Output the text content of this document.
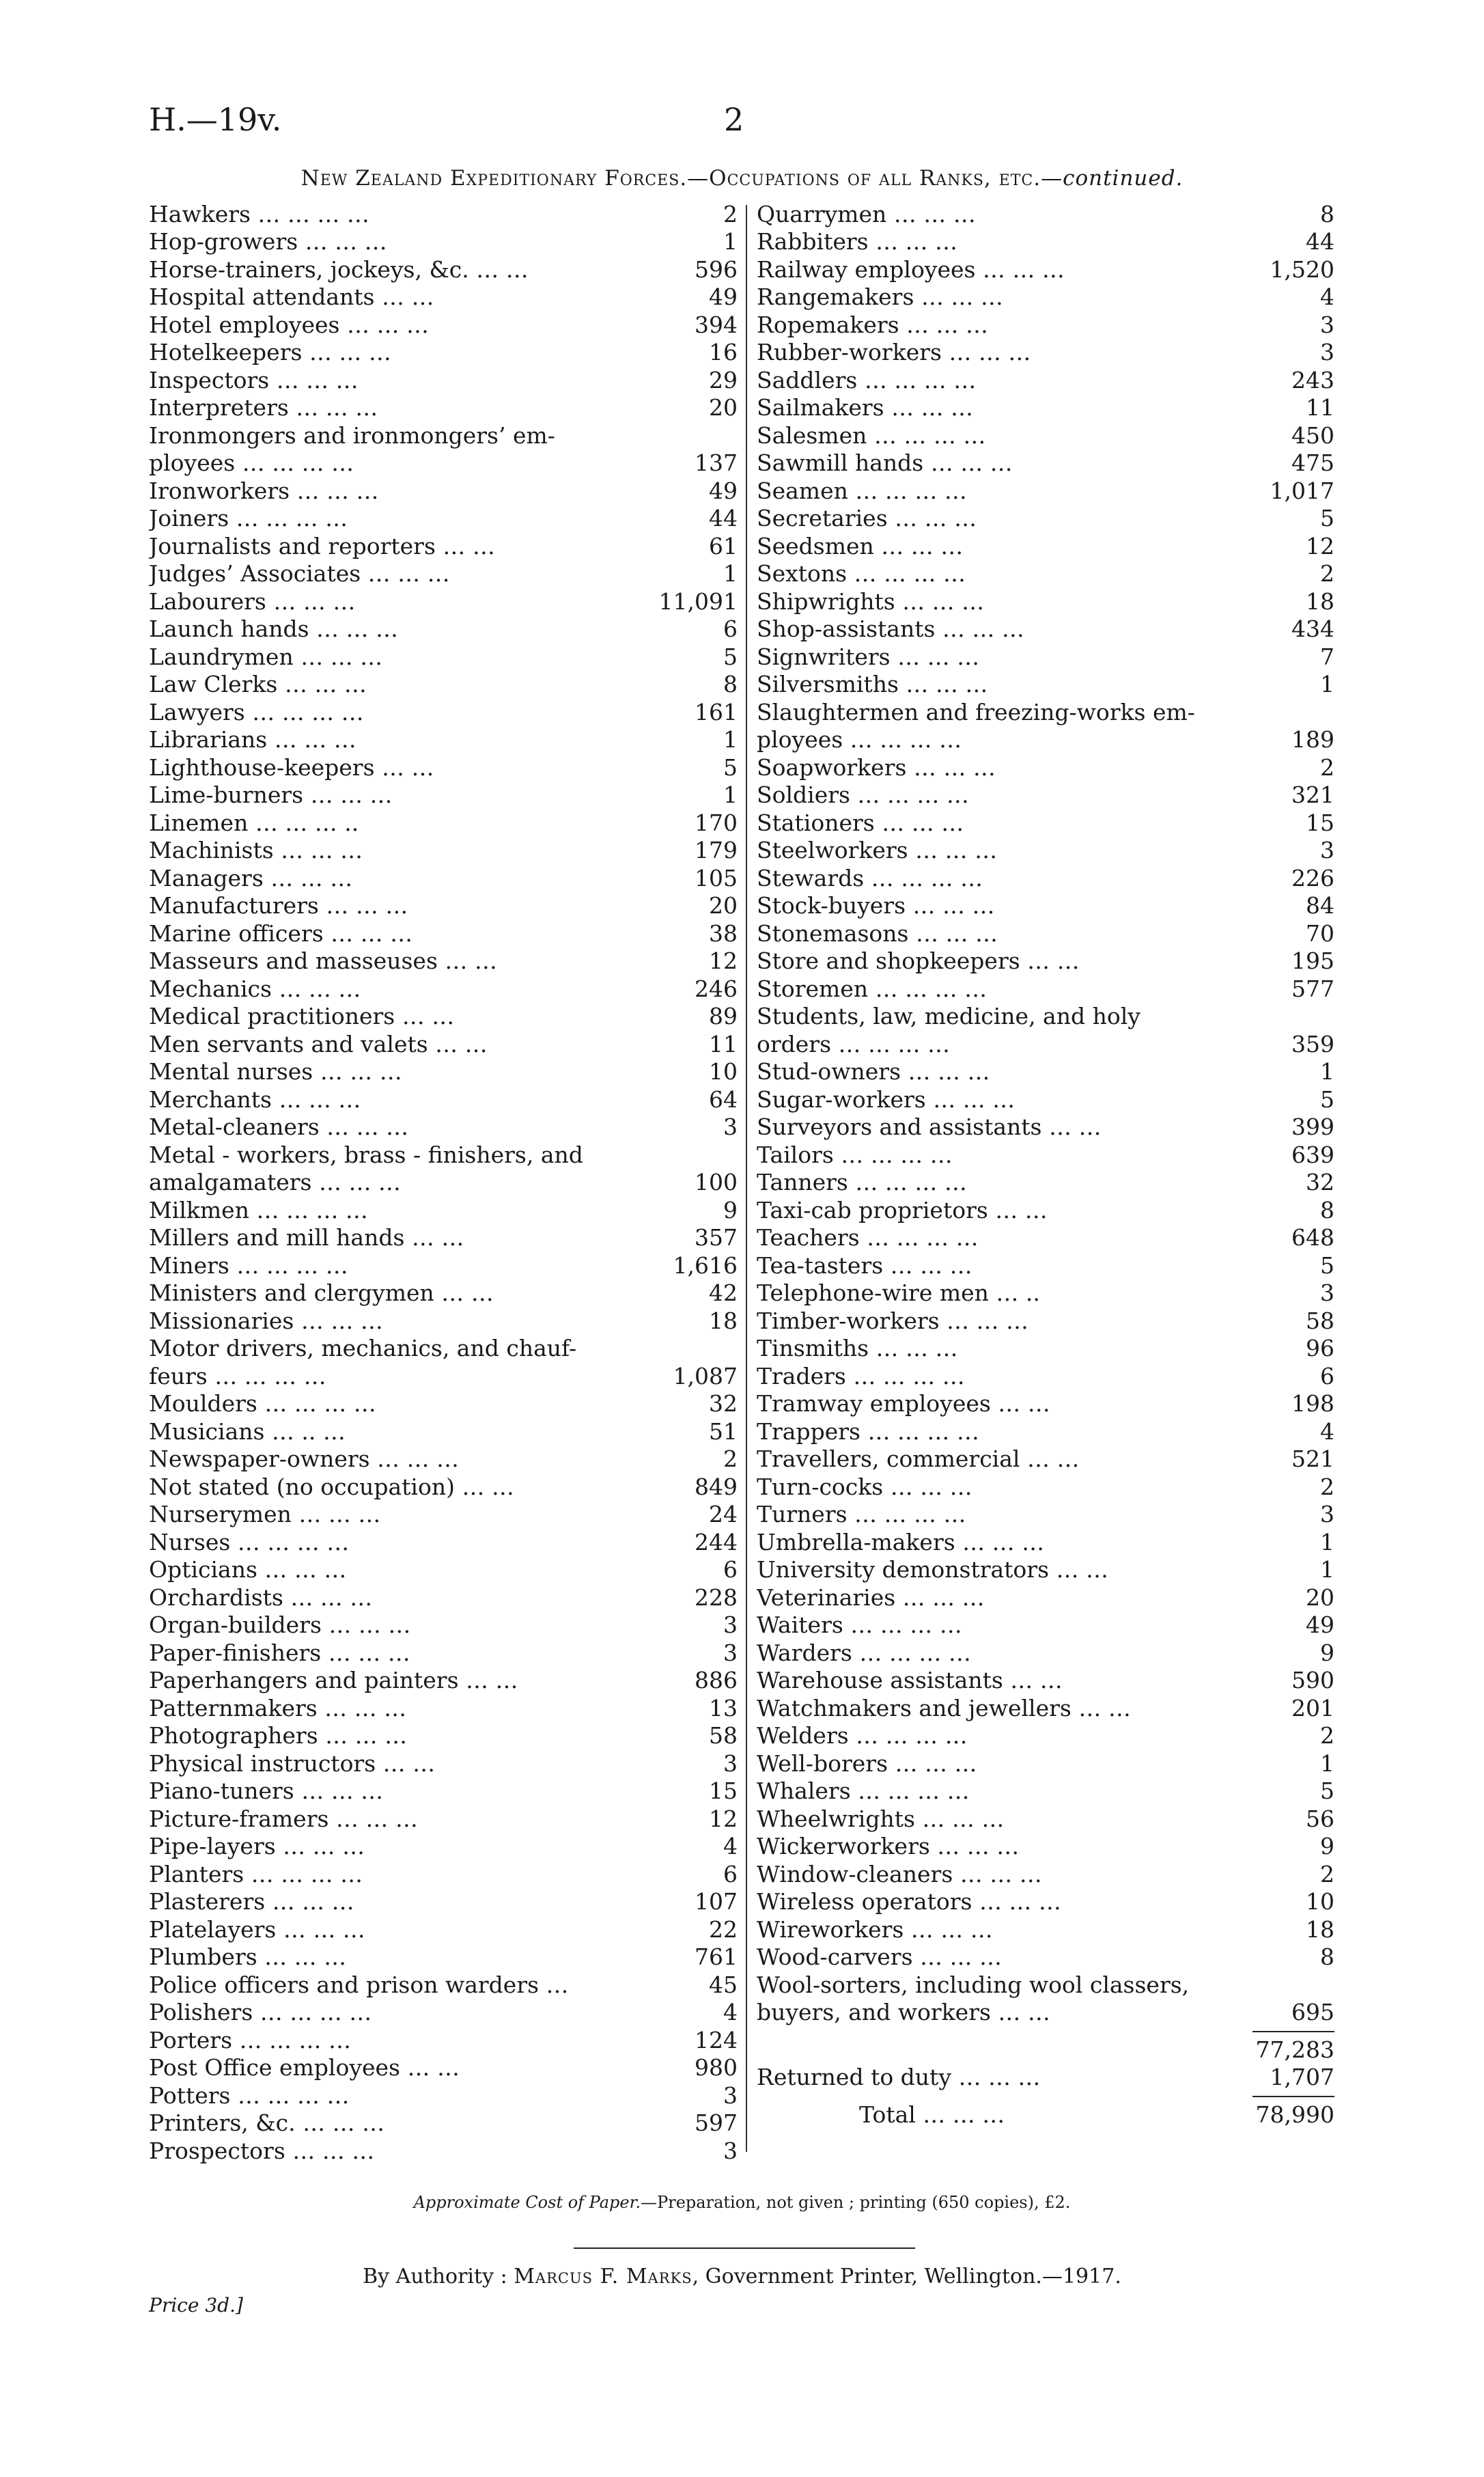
H.—19v.	2
New Zealand Expeditionary Forces.—Occupations of all Ranks, etc.—continued.
Hawkers … … … …	2
Hop-growers … … …	1
Horse-trainers, jockeys, &c. … …	596
Hospital attendants … …	49
Hotel employees … … …	394
Hotelkeepers … … …	16
Inspectors … … …	29
Interpreters … … …	20
Ironmongers and ironmongers’ em-
ployees … … … …	137
Ironworkers … … …	49
Joiners … … … …	44
Journalists and reporters … …	61
Judges’ Associates … … …	1
Labourers … … …	11,091
Launch hands … … …	6
Laundrymen … … …	5
Law Clerks … … …	8
Lawyers … … … …	161
Librarians … … …	1
Lighthouse-keepers … …	5
Lime-burners … … …	1
Linemen … … … ..	170
Machinists … … …	179
Managers … … …	105
Manufacturers … … …	20
Marine officers … … …	38
Masseurs and masseuses … …	12
Mechanics … … …	246
Medical practitioners … …	89
Men servants and valets … …	11
Mental nurses … … …	10
Merchants … … …	64
Metal-cleaners … … …	3
Metal - workers, brass - finishers, and
amalgamaters … … …	100
Milkmen … … … …	9
Millers and mill hands … …	357
Miners … … … …	1,616
Ministers and clergymen … …	42
Missionaries … … …	18
Motor drivers, mechanics, and chauf-
feurs … … … …	1,087
Moulders … … … …	32
Musicians … .. …	51
Newspaper-owners … … …	2
Not stated (no occupation) … …	849
Nurserymen … … …	24
Nurses … … … …	244
Opticians … … …	6
Orchardists … … …	228
Organ-builders … … …	3
Paper-finishers … … …	3
Paperhangers and painters … …	886
Patternmakers … … …	13
Photographers … … …	58
Physical instructors … …	3
Piano-tuners … … …	15
Picture-framers … … …	12
Pipe-layers … … …	4
Planters … … … …	6
Plasterers … … …	107
Platelayers … … …	22
Plumbers … … …	761
Police officers and prison warders …	45
Polishers … … … …	4
Porters … … … …	124
Post Office employees … …	980
Potters … … … …	3
Printers, &c. … … …	597
Prospectors … … …	3
Quarrymen … … …	8
Rabbiters … … …	44
Railway employees … … …	1,520
Rangemakers … … …	4
Ropemakers … … …	3
Rubber-workers … … …	3
Saddlers … … … …	243
Sailmakers … … …	11
Salesmen … … … …	450
Sawmill hands … … …	475
Seamen … … … …	1,017
Secretaries … … …	5
Seedsmen … … …	12
Sextons … … … …	2
Shipwrights … … …	18
Shop-assistants … … …	434
Signwriters … … …	7
Silversmiths … … …	1
Slaughtermen and freezing-works em-
ployees … … … …	189
Soapworkers … … …	2
Soldiers … … … …	321
Stationers … … …	15
Steelworkers … … …	3
Stewards … … … …	226
Stock-buyers … … …	84
Stonemasons … … …	70
Store and shopkeepers … …	195
Storemen … … … …	577
Students, law, medicine, and holy
orders … … … …	359
Stud-owners … … …	1
Sugar-workers … … …	5
Surveyors and assistants … …	399
Tailors … … … …	639
Tanners … … … …	32
Taxi-cab proprietors … …	8
Teachers … … … …	648
Tea-tasters … … …	5
Telephone-wire men … ..	3
Timber-workers … … …	58
Tinsmiths … … …	96
Traders … … … …	6
Tramway employees … …	198
Trappers … … … …	4
Travellers, commercial … …	521
Turn-cocks … … …	2
Turners … … … …	3
Umbrella-makers … … …	1
University demonstrators … …	1
Veterinaries … … …	20
Waiters … … … …	49
Warders … … … …	9
Warehouse assistants … …	590
Watchmakers and jewellers … …	201
Welders … … … …	2
Well-borers … … …	1
Whalers … … … …	5
Wheelwrights … … …	56
Wickerworkers … … …	9
Window-cleaners … … …	2
Wireless operators … … …	10
Wireworkers … … …	18
Wood-carvers … … …	8
Wool-sorters, including wool classers,
buyers, and workers … …	695
77,283
Returned to duty … … …	1,707
Total … … …	78,990
Approximate Cost of Paper.—Preparation, not given ; printing (650 copies), £2.
By Authority : Marcus F. Marks, Government Printer, Wellington.—1917.
Price 3d.]
